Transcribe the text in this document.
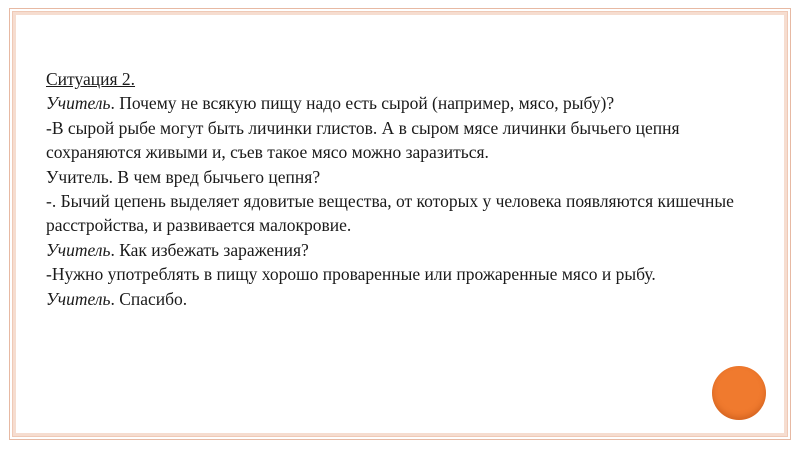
Ситуация 2.

Учитель. Почему не всякую пищу надо есть сырой (например, мясо, рыбу)?

-В сырой рыбе могут быть личинки глистов. А в сыром мясе личинки бычьего цепня сохраняются живыми и, съев такое мясо можно заразиться.

Учитель. В чем вред бычьего цепня?

-. Бычий цепень выделяет ядовитые вещества, от которых у человека появляются кишечные расстройства, и развивается малокровие.

Учитель. Как избежать заражения?

-Нужно употреблять в пищу хорошо проваренные или прожаренные мясо и рыбу.

Учитель. Спасибо.
